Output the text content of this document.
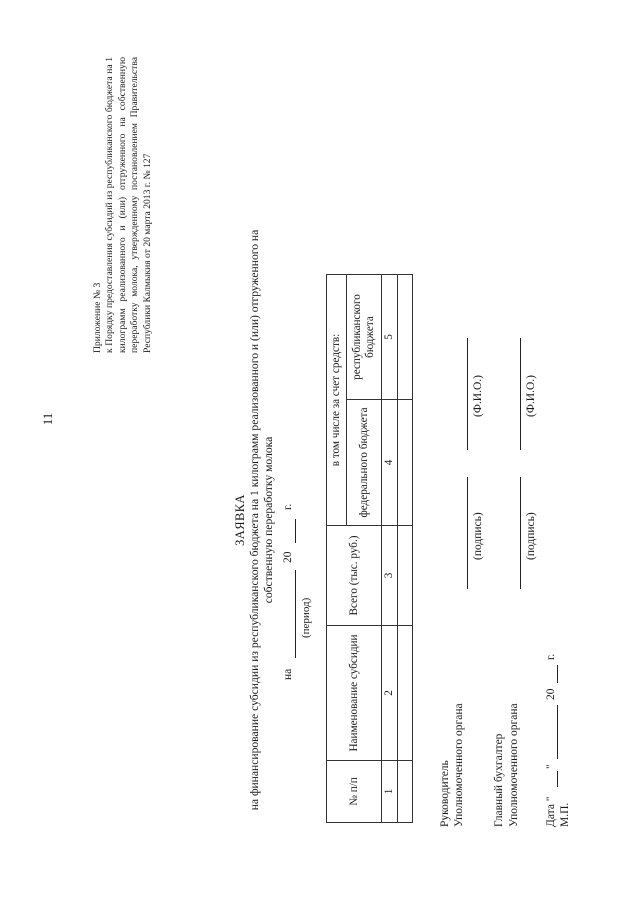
11

Приложение № 3 к Порядку предоставления субсидий из республиканского бюджета на 1 килограмм реализованного и (или) отгруженного на собственную переработку молока, утвержденному постановлением Правительства Республики Калмыкия от 20 марта 2013 г. № 127

ЗАЯВКА на финансирование субсидии из республиканского бюджета на 1 килограмм реализованного и (или) отгруженного на собственную переработку молока
на
20
г.
(период)
№ п/п	Наименование субсидии	Всего (тыс. руб.)	в том числе за счет средств:	
			федерального бюджета	республиканского бюджета
1	2	3	4	5

Руководитель Уполномоченного органа
(подпись)
(Ф.И.О.)
Главный бухгалтер Уполномоченного органа
(подпись)
(Ф.И.О.)
Дата "
"
20
г.
М.П.
